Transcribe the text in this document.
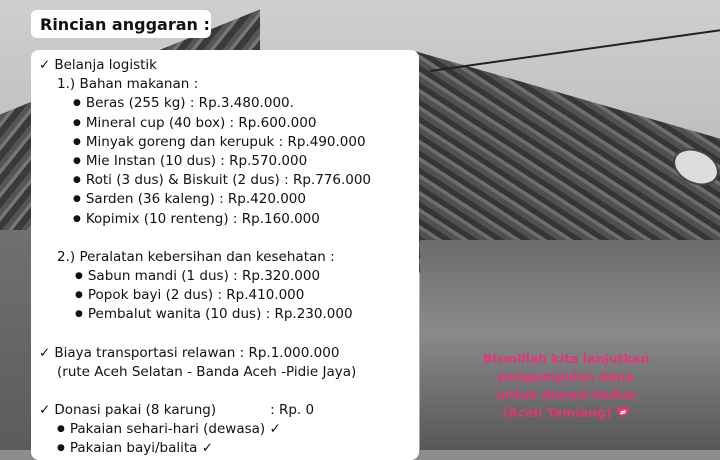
Rincian anggaran :
✓ Belanja logistik
1.) Bahan makanan :
● Beras (255 kg) : Rp.3.480.000.
● Mineral cup (40 box) : Rp.600.000
● Minyak goreng dan kerupuk : Rp.490.000
● Mie Instan (10 dus) : Rp.570.000
● Roti (3 dus) & Biskuit (2 dus) : Rp.776.000
● Sarden (36 kaleng) : Rp.420.000
● Kopimix (10 renteng) : Rp.160.000
2.) Peralatan kebersihan dan kesehatan :
● Sabun mandi (1 dus) : Rp.320.000
● Popok bayi (2 dus) : Rp.410.000
● Pembalut wanita (10 dus) : Rp.230.000
✓ Biaya transportasi relawan : Rp.1.000.000
(rute Aceh Selatan - Banda Aceh -Pidie Jaya)
✓ Donasi pakai (8 karung)	: Rp. 0
● Pakaian sehari-hari (dewasa) ✓
● Pakaian bayi/balita ✓
Bismillah kita lanjutkan
pengumpulan dana
untuk donasi kedua
(Aceh Tamiang)
